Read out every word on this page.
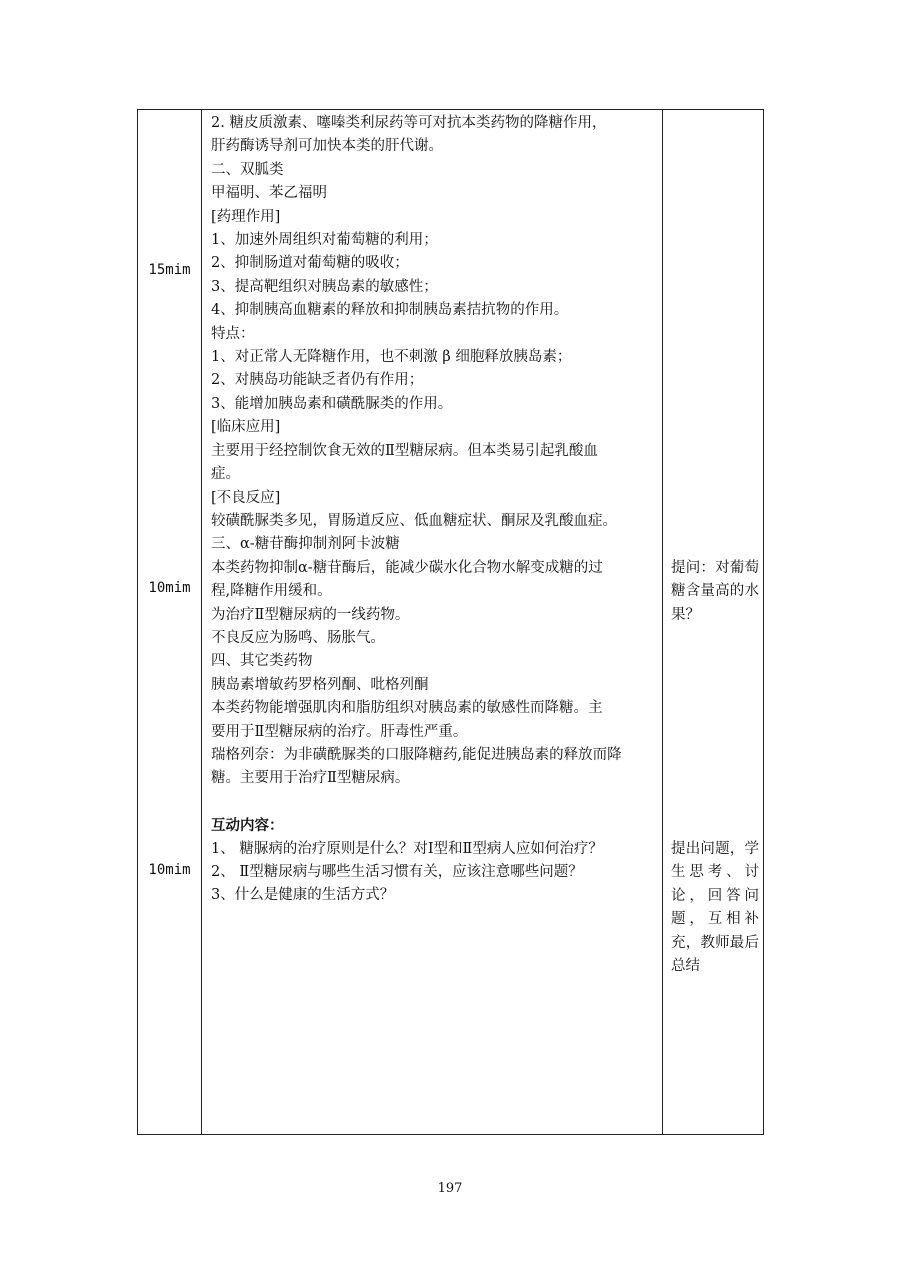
15mim
10mim
10mim
2. 糖皮质激素、噻嗪类利尿药等可对抗本类药物的降糖作用，
肝药酶诱导剂可加快本类的肝代谢。
二、双胍类
甲福明、苯乙福明
[药理作用]
1、加速外周组织对葡萄糖的利用；
2、抑制肠道对葡萄糖的吸收；
3、提高靶组织对胰岛素的敏感性；
4、抑制胰高血糖素的释放和抑制胰岛素拮抗物的作用。
特点：
1、对正常人无降糖作用，也不刺激 β 细胞释放胰岛素；
2、对胰岛功能缺乏者仍有作用；
3、能增加胰岛素和磺酰脲类的作用。
[临床应用]
主要用于经控制饮食无效的Ⅱ型糖尿病。但本类易引起乳酸血
症。
[不良反应]
较磺酰脲类多见，胃肠道反应、低血糖症状、酮尿及乳酸血症。
三、α-糖苷酶抑制剂阿卡波糖
本类药物抑制α-糖苷酶后，能减少碳水化合物水解变成糖的过
程,降糖作用缓和。
为治疗Ⅱ型糖尿病的一线药物。
不良反应为肠鸣、肠胀气。
四、其它类药物
胰岛素增敏药罗格列酮、吡格列酮
本类药物能增强肌肉和脂肪组织对胰岛素的敏感性而降糖。主
要用于Ⅱ型糖尿病的治疗。肝毒性严重。
瑞格列奈：为非磺酰脲类的口服降糖药,能促进胰岛素的释放而降
糖。主要用于治疗Ⅱ型糖尿病。
互动内容：
1、 糖脲病的治疗原则是什么？对Ⅰ型和Ⅱ型病人应如何治疗？
2、 Ⅱ型糖尿病与哪些生活习惯有关，应该注意哪些问题？
3、什么是健康的生活方式？
提问：对葡萄糖含量高的水果？
提出问题，学生思考、讨论，回答问题，互相补充，教师最后总结
197
